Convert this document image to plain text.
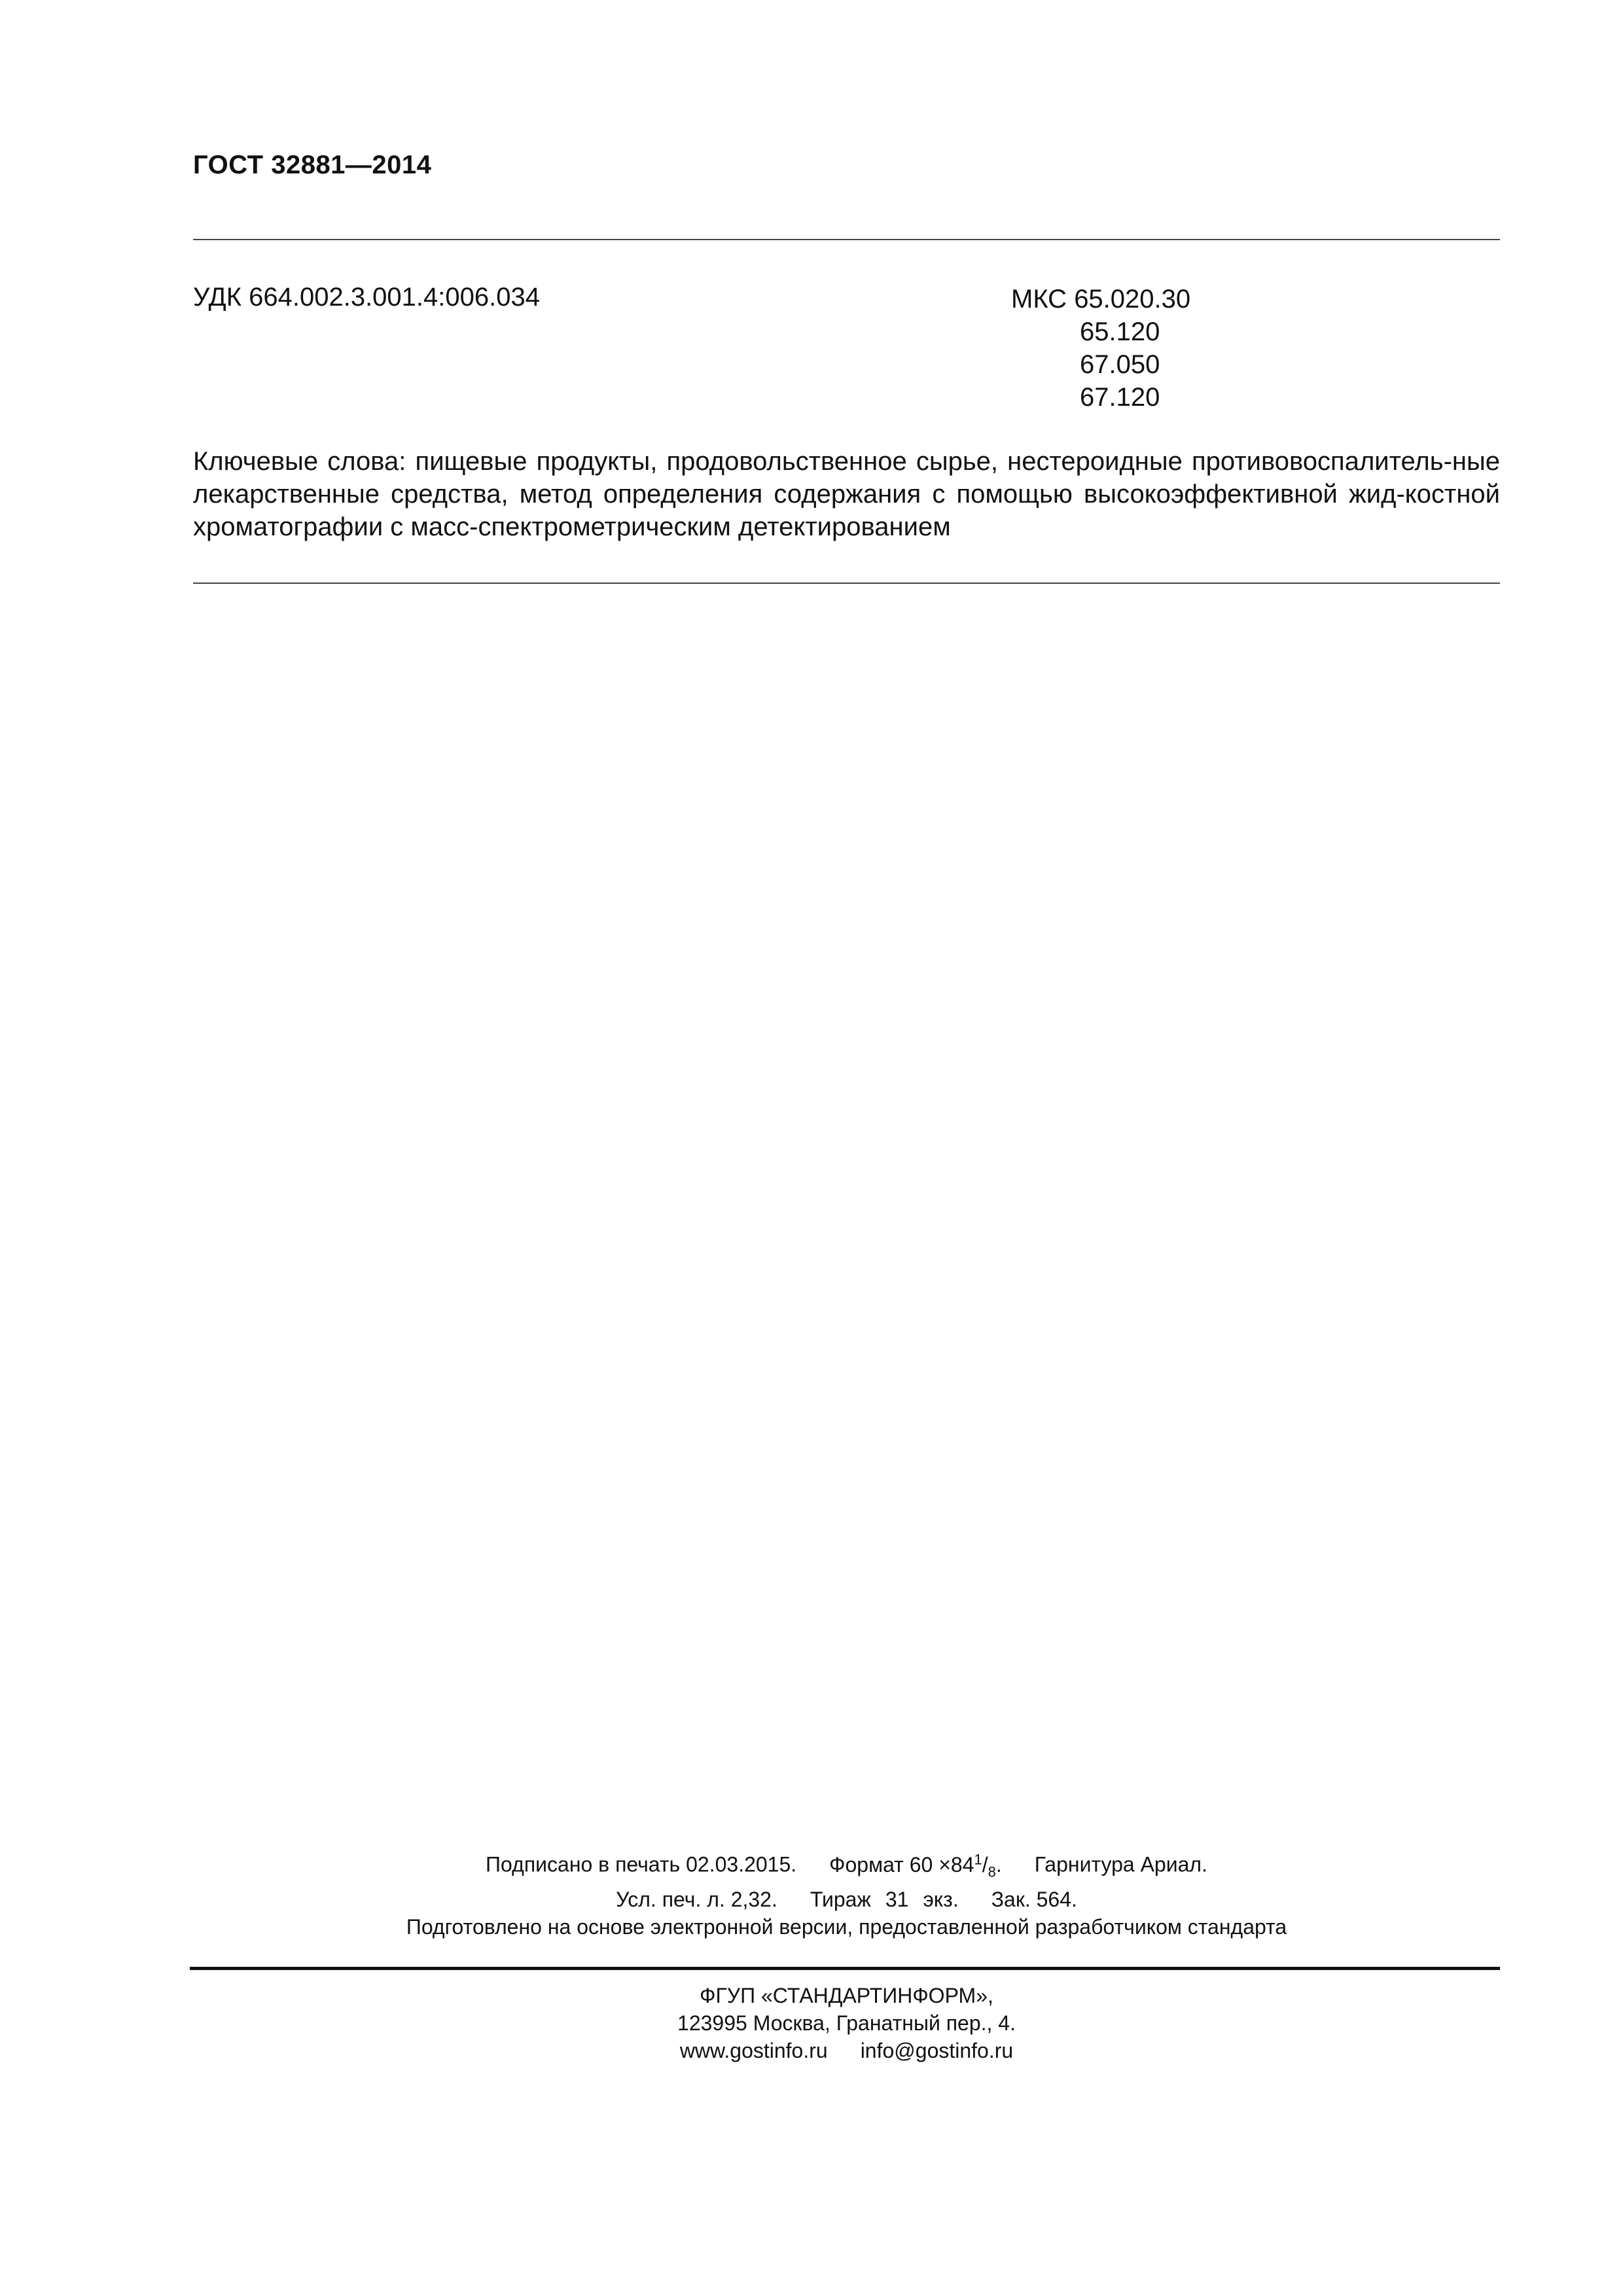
ГОСТ 32881—2014
УДК 664.002.3.001.4:006.034	МКС 65.020.30
65.120
67.050
67.120

Ключевые слова: пищевые продукты, продовольственное сырье, нестероидные противовоспалитель-ные лекарственные средства, метод определения содержания с помощью высокоэффективной жид-костной хроматографии с масс-спектрометрическим детектированием

Подписано в печать 02.03.2015. Формат $60 \times 84^1/_8$. Гарнитура Ариал.
Усл. печ. л. 2,32. Тираж 31 экз. Зак. 564.
Подготовлено на основе электронной версии, предоставленной разработчиком стандарта
ФГУП «СТАНДАРТИНФОРМ»,
123995 Москва, Гранатный пер., 4.
www.gostinfo.ru info@gostinfo.ru
